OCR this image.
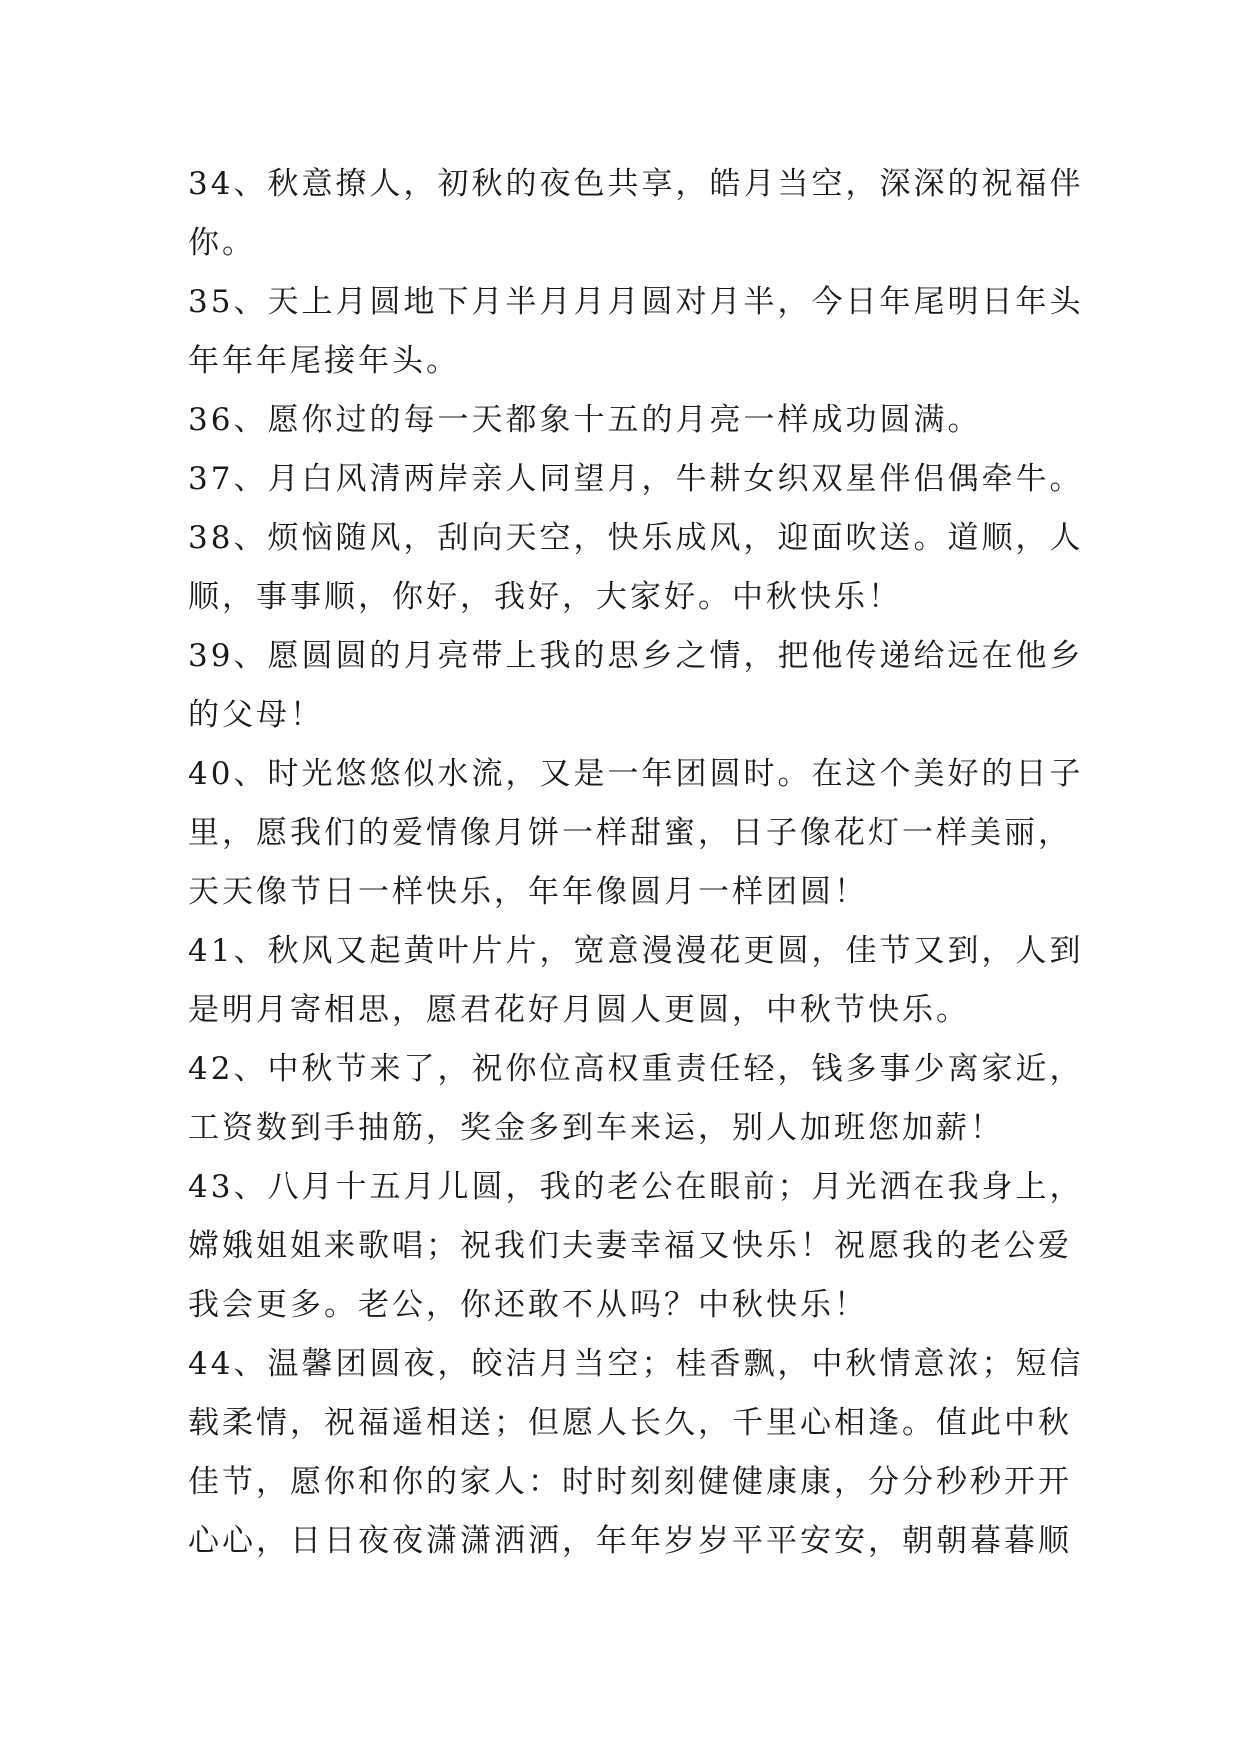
34、秋意撩人，初秋的夜色共享，皓月当空，深深的祝福伴
你。
35、天上月圆地下月半月月月圆对月半，今日年尾明日年头
年年年尾接年头。
36、愿你过的每一天都象十五的月亮一样成功圆满。
37、月白风清两岸亲人同望月，牛耕女织双星伴侣偶牵牛。
38、烦恼随风，刮向天空，快乐成风，迎面吹送。道顺，人
顺，事事顺，你好，我好，大家好。中秋快乐！
39、愿圆圆的月亮带上我的思乡之情，把他传递给远在他乡
的父母！
40、时光悠悠似水流，又是一年团圆时。在这个美好的日子
里，愿我们的爱情像月饼一样甜蜜，日子像花灯一样美丽，
天天像节日一样快乐，年年像圆月一样团圆！
41、秋风又起黄叶片片，宽意漫漫花更圆，佳节又到，人到
是明月寄相思，愿君花好月圆人更圆，中秋节快乐。
42、中秋节来了，祝你位高权重责任轻，钱多事少离家近，
工资数到手抽筋，奖金多到车来运，别人加班您加薪！
43、八月十五月儿圆，我的老公在眼前；月光洒在我身上，
嫦娥姐姐来歌唱；祝我们夫妻幸福又快乐！祝愿我的老公爱
我会更多。老公，你还敢不从吗？中秋快乐！
44、温馨团圆夜，皎洁月当空；桂香飘，中秋情意浓；短信
载柔情，祝福遥相送；但愿人长久，千里心相逢。值此中秋
佳节，愿你和你的家人：时时刻刻健健康康，分分秒秒开开
心心，日日夜夜潇潇洒洒，年年岁岁平平安安，朝朝暮暮顺
